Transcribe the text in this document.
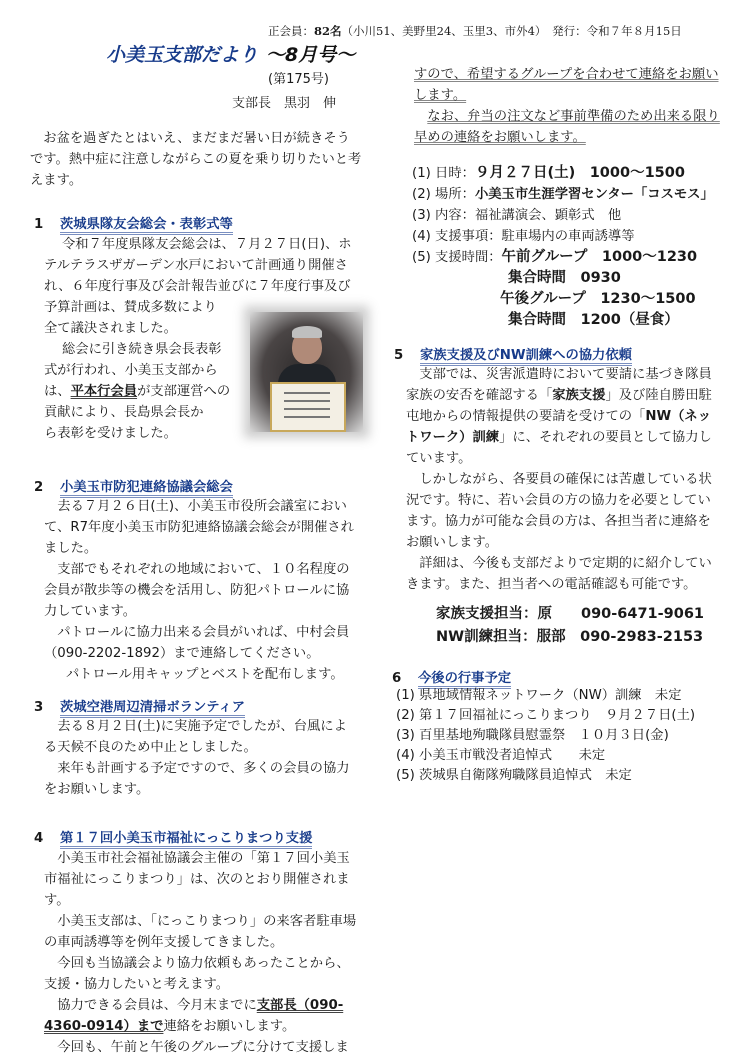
正会員：82名（小川51、美野里24、玉里3、市外4）　 発行：令和７年８月15日
小美玉支部だより ～8月号～
(第175号)
支部長　黒羽　伸
お盆を過ぎたとはいえ、まだまだ暑い日が続きそうです。熱中症に注意しながらこの夏を乗り切りたいと考えます。
1 茨城県隊友会総会・表彰式等

令和７年度県隊友会総会は、７月２７日(日)、ホ

テルテラスザガーデン水戸において計画通り開催さ

れ、６年度行事及び会計報告並びに７年度行事及び

予算計画は、賛成多数により

全て議決されました。

総会に引き続き県会長表彰

式が行われ、小美玉支部から

は、平本行会員が支部運営への

貢献により、長島県会長か

ら表彰を受けました。

2 小美玉市防犯連絡協議会総会

去る７月２６日(土)、小美玉市役所会議室において、R7年度小美玉市防犯連絡協議会総会が開催されました。

支部でもそれぞれの地域において、１０名程度の会員が散歩等の機会を活用し、防犯パトロールに協力しています。

パトロールに協力出来る会員がいれば、中村会員（090-2202-1892）まで連絡してください。

パトロール用キャップとベストを配布します。

3 茨城空港周辺清掃ボランティア

去る８月２日(土)に実施予定でしたが、台風による天候不良のため中止としました。

来年も計画する予定ですので、多くの会員の協力をお願いします。

4 第１７回小美玉市福祉にっこりまつり支援

小美玉市社会福祉協議会主催の「第１７回小美玉市福祉にっこりまつり」は、次のとおり開催されます。

小美玉支部は、「にっこりまつり」の来客者駐車場の車両誘導等を例年支援してきました。

今回も当協議会より協力依頼もあったことから、支援・協力したいと考えます。

協力できる会員は、今月末までに支部長（090-4360-0914）まで連絡をお願いします。

今回も、午前と午後のグループに分けて支援しま

すので、希望するグループを合わせて連絡をお願いします。

なお、弁当の注文など事前準備のため出来る限り早めの連絡をお願いします。

(1) 日時：９月２７日(土)　1000～1500
(2) 場所：小美玉市生涯学習センター「コスモス」
(3) 内容：福祉講演会、顕彰式　他
(4) 支援事項：駐車場内の車両誘導等
(5) 支援時間：午前グループ　1000～1230
集合時間　0930
午後グループ　1230～1500
集合時間　1200（昼食）
5 家族支援及びNW訓練への協力依頼

支部では、災害派遣時において要請に基づき隊員家族の安否を確認する「家族支援」及び陸自勝田駐屯地からの情報提供の要請を受けての「NW（ネットワーク）訓練」に、それぞれの要員として協力しています。

しかしながら、各要員の確保には苦慮している状況です。特に、若い会員の方の協力を必要としています。協力が可能な会員の方は、各担当者に連絡をお願いします。

詳細は、今後も支部だよりで定期的に紹介していきます。また、担当者への電話確認も可能です。

家族支援担当：原　　090-6471-9061
NW訓練担当：服部　090-2983-2153
6 今後の行事予定
(1) 県地域情報ネットワーク（NW）訓練　未定
(2) 第１７回福祉にっこりまつり　９月２７日(土)
(3) 百里基地殉職隊員慰霊祭　１０月３日(金)
(4) 小美玉市戦没者追悼式　　未定
(5) 茨城県自衛隊殉職隊員追悼式　未定
